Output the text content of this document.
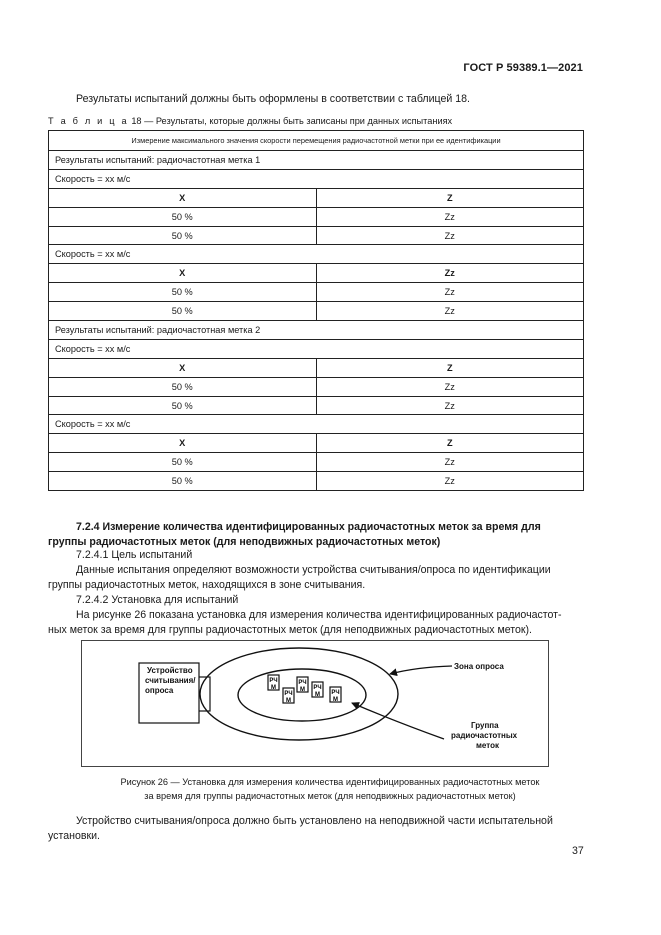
ГОСТ Р 59389.1—2021
Результаты испытаний должны быть оформлены в соответствии с таблицей 18.
Т а б л и ц а 18 — Результаты, которые должны быть записаны при данных испытаниях
Измерение максимального значения скорости перемещения радиочастотной метки при ее идентификации	
Результаты испытаний: радиочастотная метка 1	
Скорость = xx м/с	
X	Z
50 %	Zz
50 %	Zz
Скорость = xx м/с	
X	Zz
50 %	Zz
50 %	Zz
Результаты испытаний: радиочастотная метка 2	
Скорость = xx м/с	
X	Z
50 %	Zz
50 %	Zz
Скорость = xx м/с	
X	Z
50 %	Zz
50 %	Zz
7.2.4 Измерение количества идентифицированных радиочастотных меток за время для
группы радиочастотных меток (для неподвижных радиочастотных меток)
7.2.4.1 Цель испытаний
Данные испытания определяют возможности устройства считывания/опроса по идентификации
группы радиочастотных меток, находящихся в зоне считывания.
7.2.4.2 Установка для испытаний
На рисунке 26 показана установка для измерения количества идентифицированных радиочастот-
ных меток за время для группы радиочастотных меток (для неподвижных радиочастотных меток).
Устройство
считывания/
опроса
РЧ
М
РЧ
М
РЧ
М РЧ
М РЧ
М
Зона опроса
Группа
радиочастотных
меток
Рисунок 26 — Установка для измерения количества идентифицированных радиочастотных меток
за время для группы радиочастотных меток (для неподвижных радиочастотных меток)
Устройство считывания/опроса должно быть установлено на неподвижной части испытательной
установки.
37
